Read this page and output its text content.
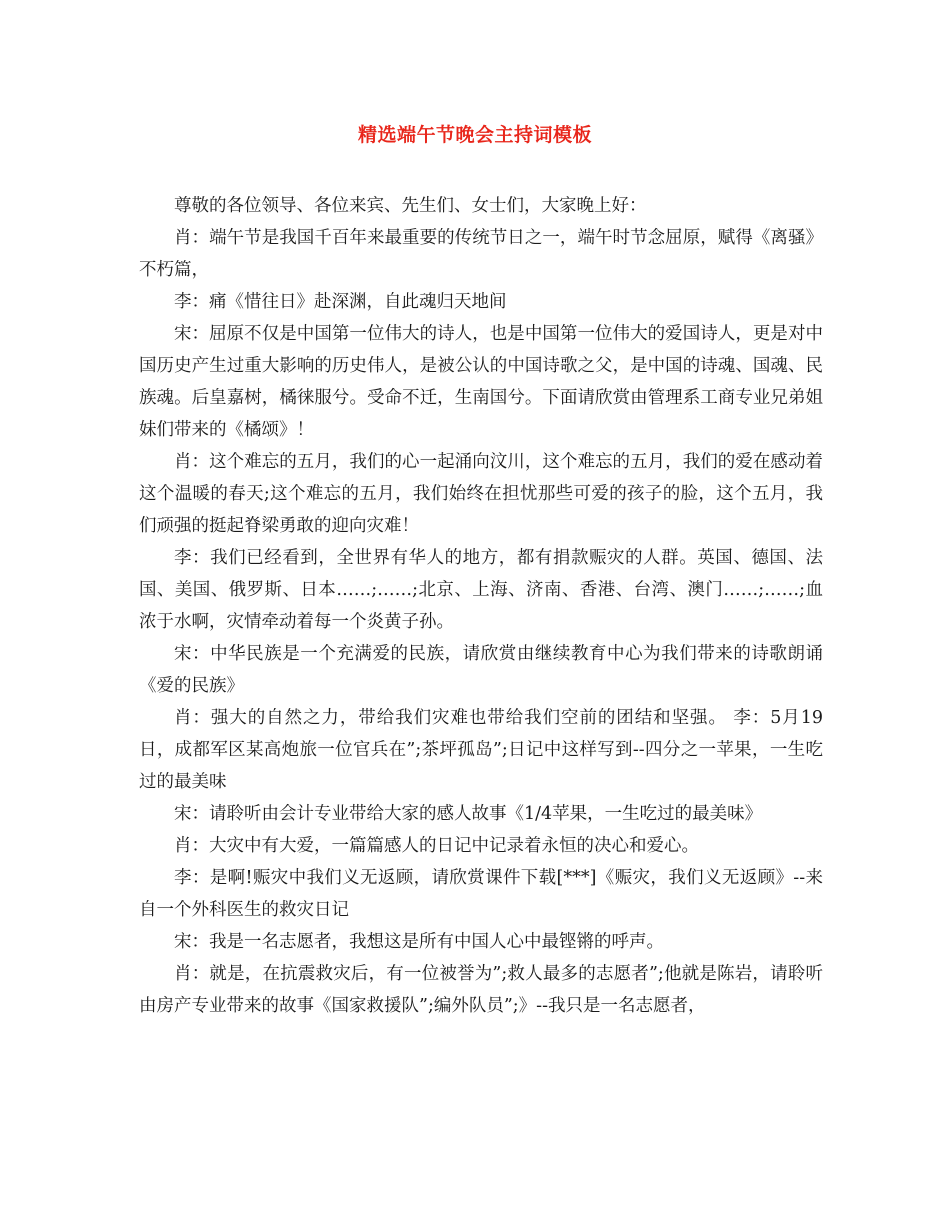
精选端午节晚会主持词模板

尊敬的各位领导、各位来宾、先生们、女士们，大家晚上好：

肖：端午节是我国千百年来最重要的传统节日之一，端午时节念屈原，赋得《离骚》不朽篇，

李：痛《惜往日》赴深渊，自此魂归天地间

宋：屈原不仅是中国第一位伟大的诗人，也是中国第一位伟大的爱国诗人，更是对中国历史产生过重大影响的历史伟人，是被公认的中国诗歌之父，是中国的诗魂、国魂、民族魂。后皇嘉树，橘徕服兮。受命不迁，生南国兮。下面请欣赏由管理系工商专业兄弟姐妹们带来的《橘颂》！

肖：这个难忘的五月，我们的心一起涌向汶川，这个难忘的五月，我们的爱在感动着这个温暖的春天;这个难忘的五月，我们始终在担忧那些可爱的孩子的脸，这个五月，我们顽强的挺起脊梁勇敢的迎向灾难！

李：我们已经看到，全世界有华人的地方，都有捐款赈灾的人群。英国、德国、法国、美国、俄罗斯、日本……;……;北京、上海、济南、香港、台湾、澳门……;……;血浓于水啊，灾情牵动着每一个炎黄子孙。

宋：中华民族是一个充满爱的民族，请欣赏由继续教育中心为我们带来的诗歌朗诵《爱的民族》

肖：强大的自然之力，带给我们灾难也带给我们空前的团结和坚强。 李：5月19日，成都军区某高炮旅一位官兵在”;茶坪孤岛”;日记中这样写到--四分之一苹果，一生吃过的最美味

宋：请聆听由会计专业带给大家的感人故事《1/4苹果，一生吃过的最美味》

肖：大灾中有大爱，一篇篇感人的日记中记录着永恒的决心和爱心。

李：是啊!赈灾中我们义无返顾，请欣赏课件下载[***]《赈灾，我们义无返顾》--来自一个外科医生的救灾日记

宋：我是一名志愿者，我想这是所有中国人心中最铿锵的呼声。

肖：就是，在抗震救灾后，有一位被誉为”;救人最多的志愿者”;他就是陈岩，请聆听由房产专业带来的故事《国家救援队”;编外队员”;》--我只是一名志愿者，
